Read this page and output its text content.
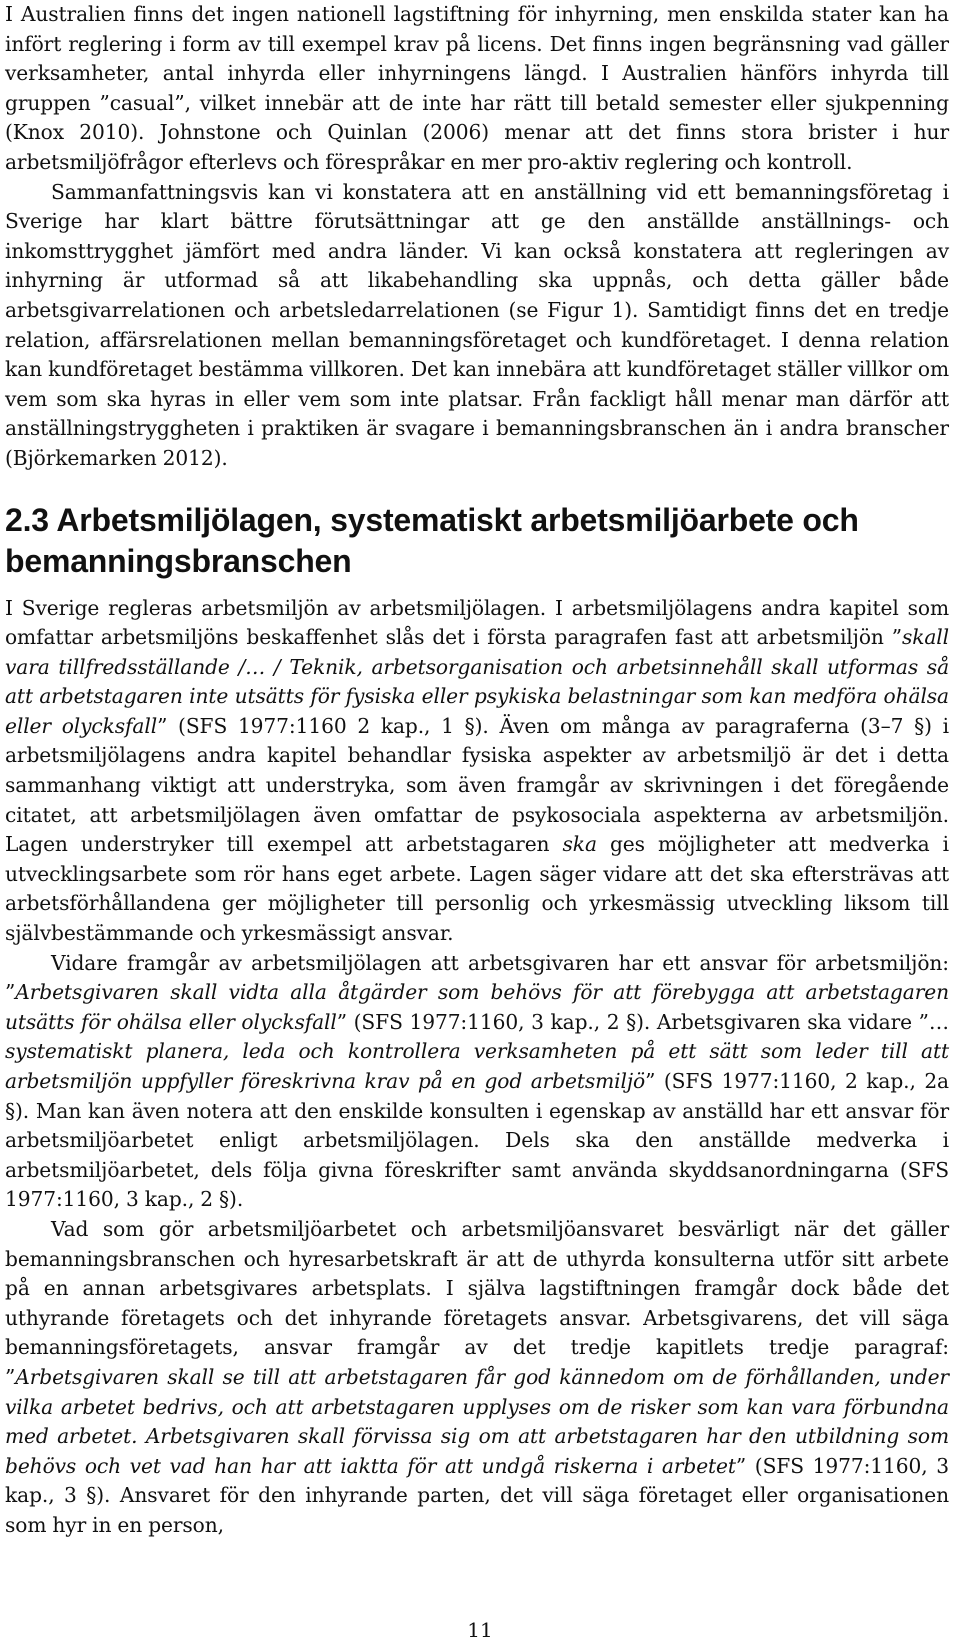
I Australien finns det ingen nationell lagstiftning för inhyrning, men enskilda stater kan ha infört reglering i form av till exempel krav på licens. Det finns ingen begränsning vad gäller verksamheter, antal inhyrda eller inhyrningens längd. I Australien hänförs inhyrda till gruppen ”casual”, vilket innebär att de inte har rätt till betald semester eller sjukpenning (Knox 2010). Johnstone och Quinlan (2006) menar att det finns stora brister i hur arbetsmiljöfrågor efterlevs och förespråkar en mer pro-aktiv reglering och kontroll.

Sammanfattningsvis kan vi konstatera att en anställning vid ett bemanningsföretag i Sverige har klart bättre förutsättningar att ge den anställde anställnings- och inkomsttrygghet jämfört med andra länder. Vi kan också konstatera att regleringen av inhyrning är utformad så att likabehandling ska uppnås, och detta gäller både arbetsgivarrelationen och arbetsledarrelationen (se Figur 1). Samtidigt finns det en tredje relation, affärsrelationen mellan bemanningsföretaget och kundföretaget. I denna relation kan kundföretaget bestämma villkoren. Det kan innebära att kundföretaget ställer villkor om vem som ska hyras in eller vem som inte platsar. Från fackligt håll menar man därför att anställningstryggheten i praktiken är svagare i bemanningsbranschen än i andra branscher (Björkemarken 2012).

2.3 Arbetsmiljölagen, systematiskt arbetsmiljöarbete och bemanningsbranschen

I Sverige regleras arbetsmiljön av arbetsmiljölagen. I arbetsmiljölagens andra kapitel som omfattar arbetsmiljöns beskaffenhet slås det i första paragrafen fast att arbetsmiljön ”skall vara tillfredsställande /… / Teknik, arbetsorganisation och arbetsinnehåll skall utformas så att arbetstagaren inte utsätts för fysiska eller psykiska belastningar som kan medföra ohälsa eller olycksfall” (SFS 1977:1160 2 kap., 1 §). Även om många av paragraferna (3–7 §) i arbetsmiljölagens andra kapitel behandlar fysiska aspekter av arbetsmiljö är det i detta sammanhang viktigt att understryka, som även framgår av skrivningen i det föregående citatet, att arbetsmiljölagen även omfattar de psykosociala aspekterna av arbetsmiljön. Lagen understryker till exempel att arbetstagaren ska ges möjligheter att medverka i utvecklingsarbete som rör hans eget arbete. Lagen säger vidare att det ska eftersträvas att arbetsförhållandena ger möjligheter till personlig och yrkesmässig utveckling liksom till självbestämmande och yrkesmässigt ansvar.

Vidare framgår av arbetsmiljölagen att arbetsgivaren har ett ansvar för arbetsmiljön: ”Arbetsgivaren skall vidta alla åtgärder som behövs för att förebygga att arbetstagaren utsätts för ohälsa eller olycksfall” (SFS 1977:1160, 3 kap., 2 §). Arbetsgivaren ska vidare ”… systematiskt planera, leda och kontrollera verksamheten på ett sätt som leder till att arbetsmiljön uppfyller föreskrivna krav på en god arbetsmiljö” (SFS 1977:1160, 2 kap., 2a §). Man kan även notera att den enskilde konsulten i egenskap av anställd har ett ansvar för arbetsmiljöarbetet enligt arbetsmiljölagen. Dels ska den anställde medverka i arbetsmiljöarbetet, dels följa givna föreskrifter samt använda skyddsanordningarna (SFS 1977:1160, 3 kap., 2 §).

Vad som gör arbetsmiljöarbetet och arbetsmiljöansvaret besvärligt när det gäller bemanningsbranschen och hyresarbetskraft är att de uthyrda konsulterna utför sitt arbete på en annan arbetsgivares arbetsplats. I själva lagstiftningen framgår dock både det uthyrande företagets och det inhyrande företagets ansvar. Arbetsgivarens, det vill säga bemanningsföretagets, ansvar framgår av det tredje kapitlets tredje paragraf: ”Arbetsgivaren skall se till att arbetstagaren får god kännedom om de förhållanden, under vilka arbetet bedrivs, och att arbetstagaren upplyses om de risker som kan vara förbundna med arbetet. Arbetsgivaren skall förvissa sig om att arbetstagaren har den utbildning som behövs och vet vad han har att iaktta för att undgå riskerna i arbetet” (SFS 1977:1160, 3 kap., 3 §). Ansvaret för den inhyrande parten, det vill säga företaget eller organisationen som hyr in en person,

11
